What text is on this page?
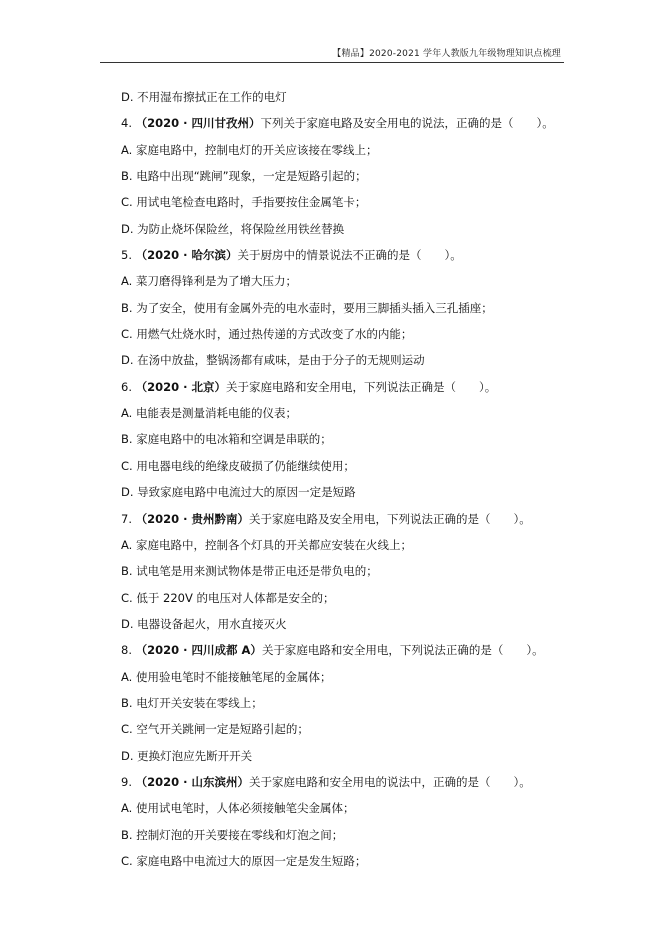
【精品】2020-2021 学年人教版九年级物理知识点梳理
D. 不用湿布擦拭正在工作的电灯
4. （2020 · 四川甘孜州）下列关于家庭电路及安全用电的说法，正确的是（　　）。
A. 家庭电路中，控制电灯的开关应该接在零线上；
B. 电路中出现“跳闸”现象，一定是短路引起的；
C. 用试电笔检查电路时，手指要按住金属笔卡；
D. 为防止烧坏保险丝，将保险丝用铁丝替换
5. （2020 · 哈尔滨）关于厨房中的情景说法不正确的是（　　）。
A. 菜刀磨得锋利是为了增大压力；
B. 为了安全，使用有金属外壳的电水壶时，要用三脚插头插入三孔插座；
C. 用燃气灶烧水时，通过热传递的方式改变了水的内能；
D. 在汤中放盐，整锅汤都有咸味，是由于分子的无规则运动
6. （2020 · 北京）关于家庭电路和安全用电，下列说法正确是（　　）。
A. 电能表是测量消耗电能的仪表；
B. 家庭电路中的电冰箱和空调是串联的；
C. 用电器电线的绝缘皮破损了仍能继续使用；
D. 导致家庭电路中电流过大的原因一定是短路
7. （2020 · 贵州黔南）关于家庭电路及安全用电，下列说法正确的是（　　）。
A. 家庭电路中，控制各个灯具的开关都应安装在火线上；
B. 试电笔是用来测试物体是带正电还是带负电的；
C. 低于 220V 的电压对人体都是安全的；
D. 电器设备起火，用水直接灭火
8. （2020 · 四川成都 A）关于家庭电路和安全用电，下列说法正确的是（　　）。
A. 使用验电笔时不能接触笔尾的金属体；
B. 电灯开关安装在零线上；
C. 空气开关跳闸一定是短路引起的；
D. 更换灯泡应先断开开关
9. （2020 · 山东滨州）关于家庭电路和安全用电的说法中，正确的是（　　）。
A. 使用试电笔时，人体必须接触笔尖金属体；
B. 控制灯泡的开关要接在零线和灯泡之间；
C. 家庭电路中电流过大的原因一定是发生短路；
